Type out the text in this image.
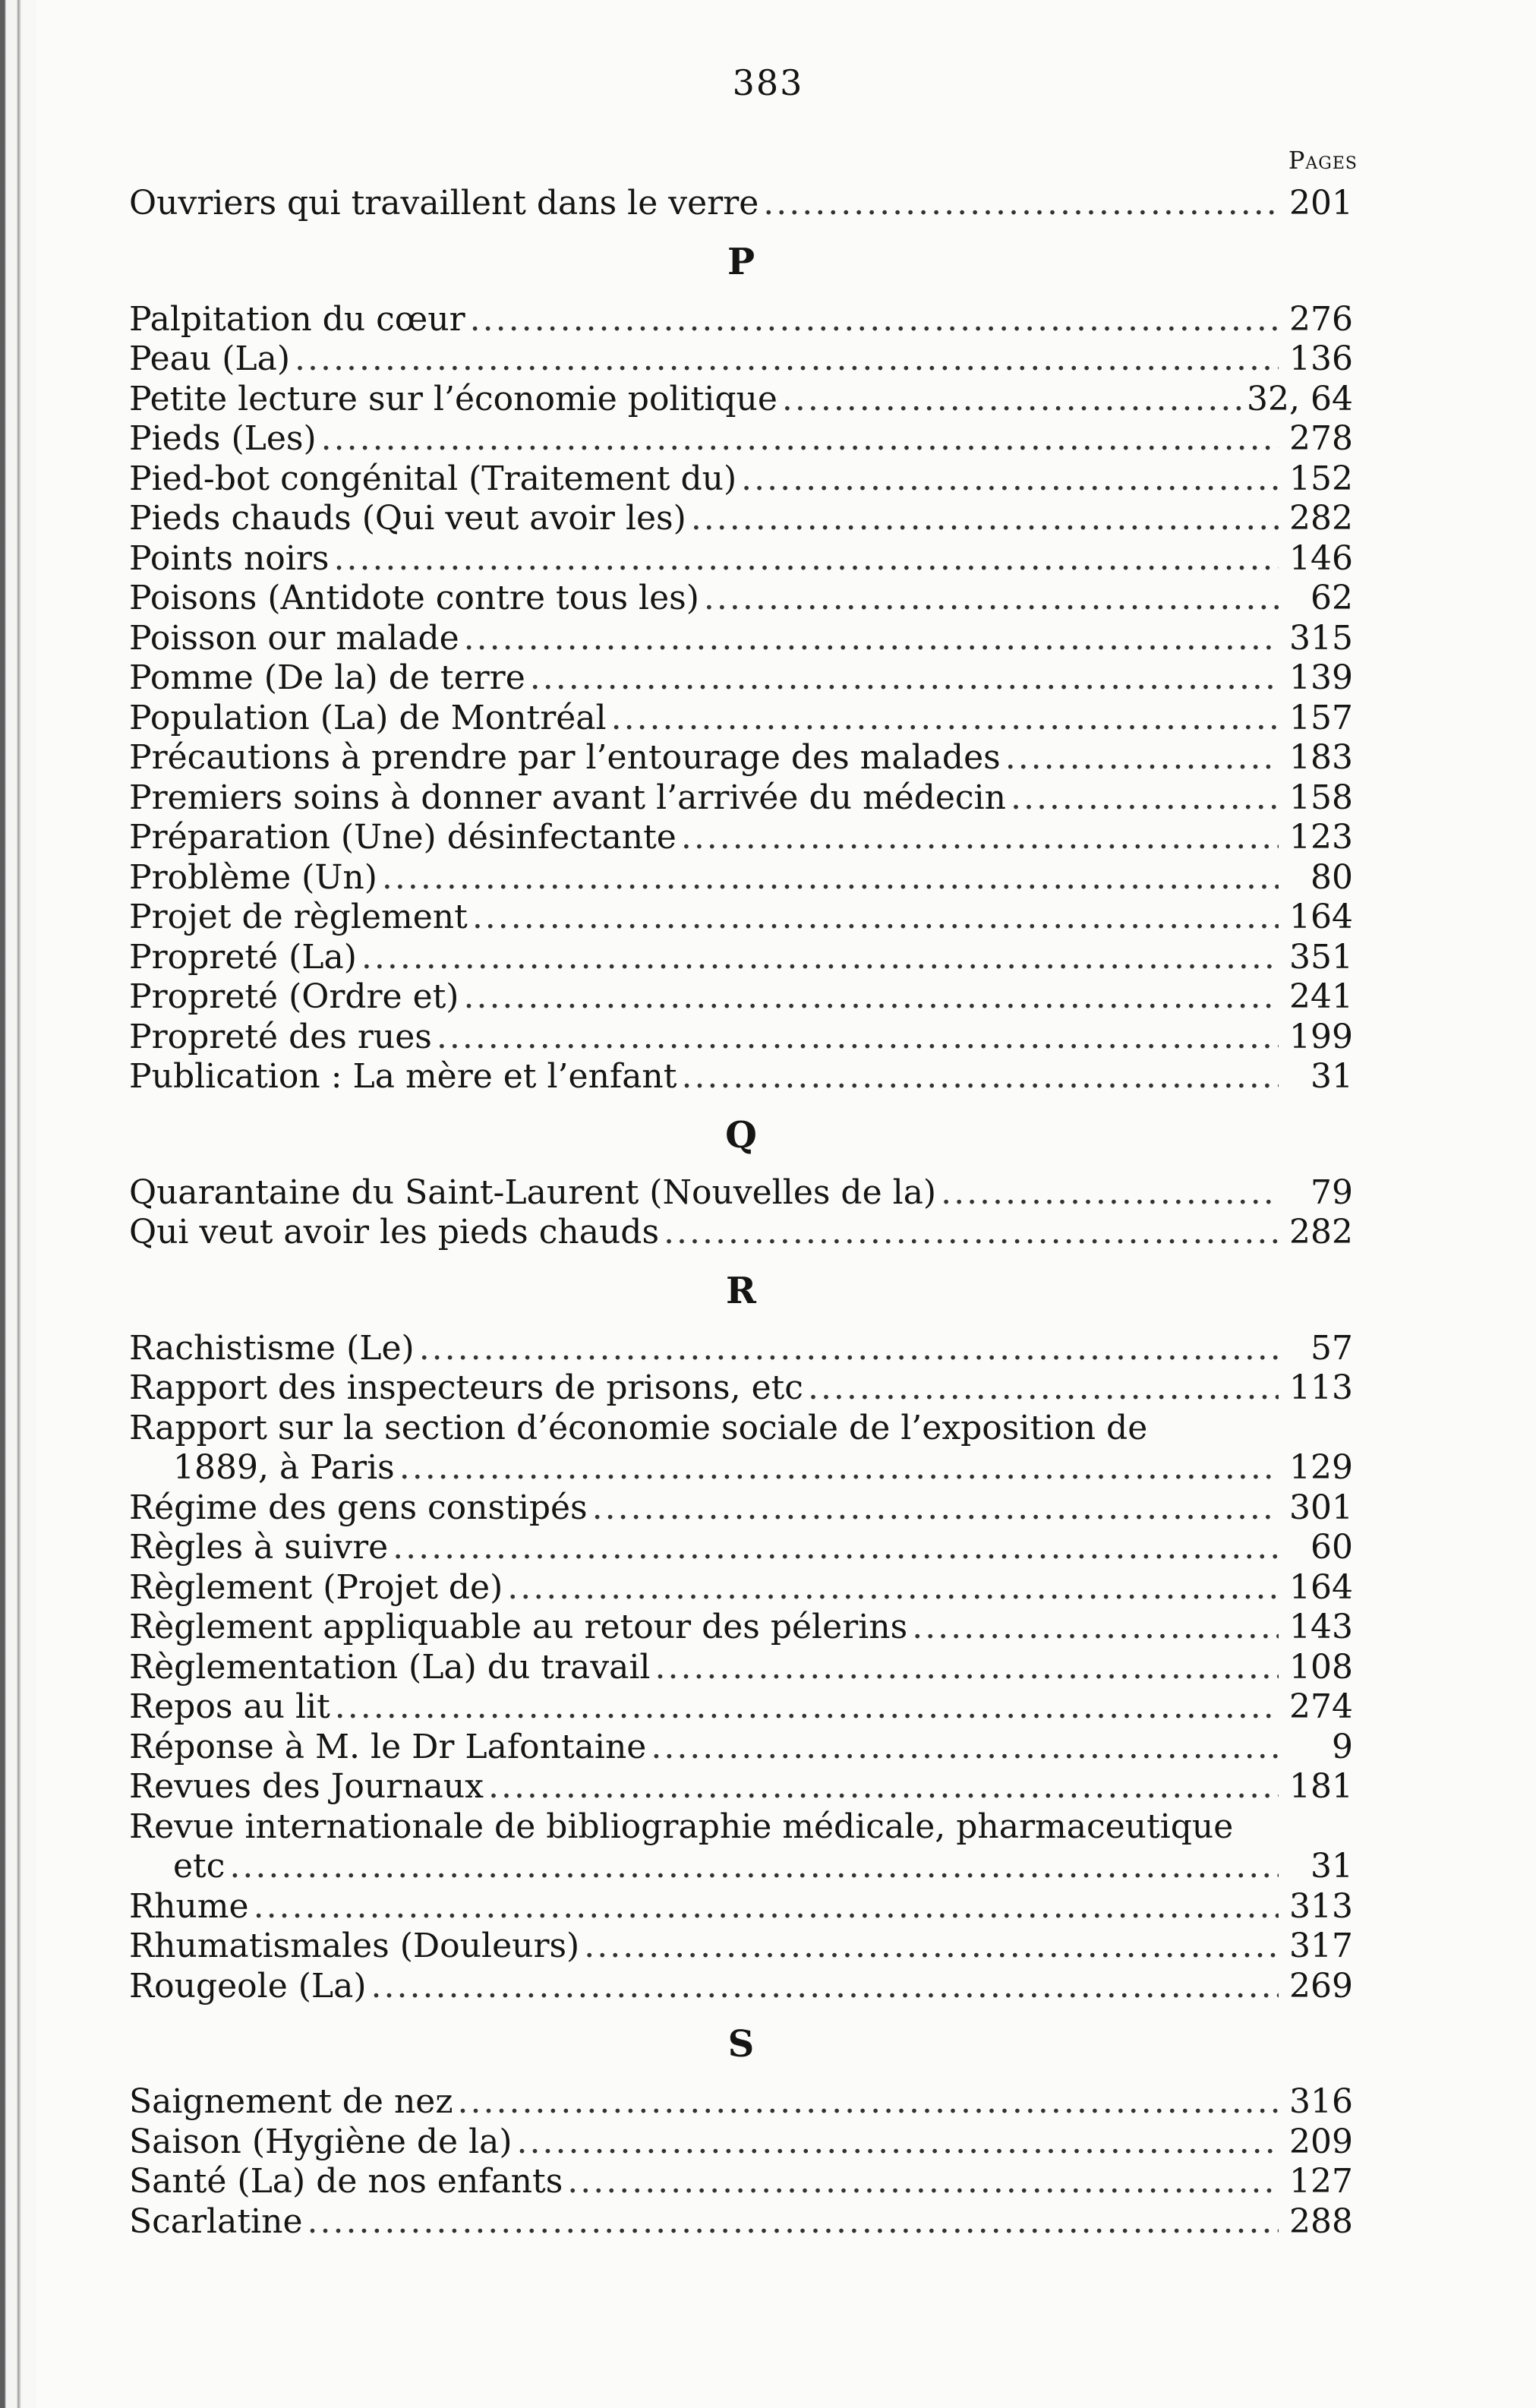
383
Pages
Ouvriers qui travaillent dans le verre .....	201
P
Palpitation du cœur .....	276
Peau (La) .....	136
Petite lecture sur l’économie politique .....	32, 64
Pieds (Les) .....	278
Pied-bot congénital (Traitement du) .....	152
Pieds chauds (Qui veut avoir les) .....	282
Points noirs .....	146
Poisons (Antidote contre tous les) .....	62
Poisson our malade .....	315
Pomme (De la) de terre .....	139
Population (La) de Montréal .....	157
Précautions à prendre par l’entourage des malades .....	183
Premiers soins à donner avant l’arrivée du médecin .....	158
Préparation (Une) désinfectante .....	123
Problème (Un) .....	80
Projet de règlement .....	164
Propreté (La) .....	351
Propreté (Ordre et) .....	241
Propreté des rues .....	199
Publication : La mère et l’enfant .....	31
Q
Quarantaine du Saint-Laurent (Nouvelles de la) .....	79
Qui veut avoir les pieds chauds .....	282
R
Rachistisme (Le) .....	57
Rapport des inspecteurs de prisons, etc .....	113
Rapport sur la section d’économie sociale de l’exposition de
1889, à Paris .....	129
Régime des gens constipés .....	301
Règles à suivre .....	60
Règlement (Projet de) .....	164
Règlement appliquable au retour des pélerins .....	143
Règlementation (La) du travail .....	108
Repos au lit .....	274
Réponse à M. le Dr Lafontaine .....	9
Revues des Journaux .....	181
Revue internationale de bibliographie médicale, pharmaceutique
etc .....	31
Rhume .....	313
Rhumatismales (Douleurs) .....	317
Rougeole (La) .....	269
S
Saignement de nez .....	316
Saison (Hygiène de la) .....	209
Santé (La) de nos enfants .....	127
Scarlatine .....	288
